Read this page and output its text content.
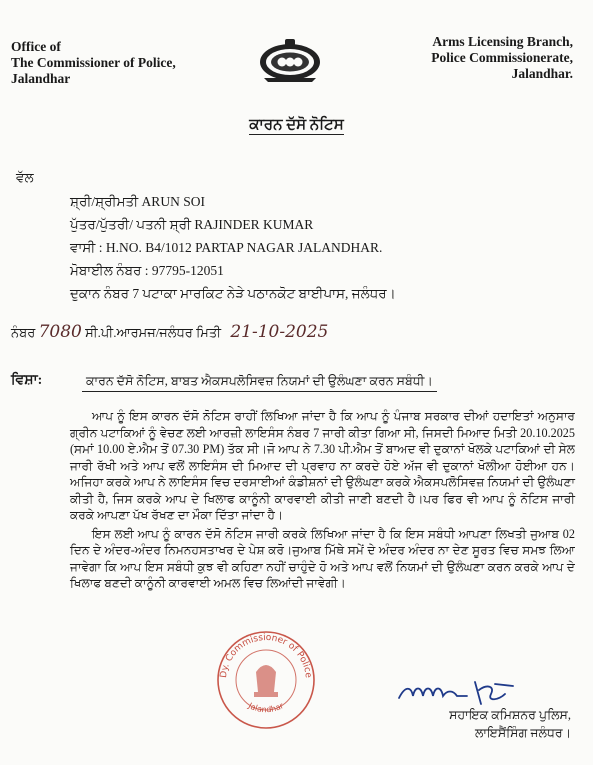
Office of
The Commissioner of Police,
Jalandhar
Arms Licensing Branch,
Police Commissionerate,
Jalandhar.
ਕਾਰਨ ਦੱਸੋ ਨੋਟਿਸ
ਵੱਲ
ਸ਼੍ਰੀ/ਸ਼੍ਰੀਮਤੀ ARUN SOI
ਪੁੱਤਰ/ਪੁੱਤਰੀ/ ਪਤਨੀ ਸ਼੍ਰੀ RAJINDER KUMAR
ਵਾਸੀ : H.NO. B4/1012 PARTAP NAGAR JALANDHAR.
ਮੋਬਾਈਲ ਨੰਬਰ : 97795-12051
ਦੁਕਾਨ ਨੰਬਰ 7 ਪਟਾਕਾ ਮਾਰਕਿਟ ਨੇੜੇ ਪਠਾਨਕੋਟ ਬਾਈਪਾਸ, ਜਲੰਧਰ।
ਨੰਬਰ 7080 ਸੀ.ਪੀ.ਆਰਮਜ/ਜਲੰਧਰ ਮਿਤੀ 21-10-2025
ਵਿਸ਼ਾ:	ਕਾਰਨ ਦੱਸੋ ਨੋਟਿਸ, ਬਾਬਤ ਐਕਸਪਲੋਸਿਵਜ਼ ਨਿਯਮਾਂ ਦੀ ਉਲੰਘਣਾ ਕਰਨ ਸਬੰਧੀ।

ਆਪ ਨੂੰ ਇਸ ਕਾਰਨ ਦੱਸੋ ਨੋਟਿਸ ਰਾਹੀਂ ਲਿਖਿਆ ਜਾਂਦਾ ਹੈ ਕਿ ਆਪ ਨੂੰ ਪੰਜਾਬ ਸਰਕਾਰ ਦੀਆਂ ਹਦਾਇਤਾਂ ਅਨੁਸਾਰ ਗ੍ਰੀਨ ਪਟਾਕਿਆਂ ਨੂੰ ਵੇਚਣ ਲਈ ਆਰਜ਼ੀ ਲਾਇਸੰਸ ਨੰਬਰ 7 ਜਾਰੀ ਕੀਤਾ ਗਿਆ ਸੀ, ਜਿਸਦੀ ਮਿਆਦ ਮਿਤੀ 20.10.2025 (ਸਮਾਂ 10.00 ਏ.ਐਮ ਤੋਂ 07.30 PM) ਤੱਕ ਸੀ।ਜੋ ਆਪ ਨੇ 7.30 ਪੀ.ਐਮ ਤੋਂ ਬਾਅਦ ਵੀ ਦੁਕਾਨਾਂ ਖੋਲਕੇ ਪਟਾਕਿਆਂ ਦੀ ਸੇਲ ਜਾਰੀ ਰੱਖੀ ਅਤੇ ਆਪ ਵਲੋਂ ਲਾਇਸੰਸ ਦੀ ਮਿਆਦ ਦੀ ਪ੍ਰਵਾਹ ਨਾ ਕਰਦੇ ਹੋਏ ਅੱਜ ਵੀ ਦੁਕਾਨਾਂ ਖੋਲੀਆ ਹੋਈਆ ਹਨ। ਅਜਿਹਾ ਕਰਕੇ ਆਪ ਨੇ ਲਾਇਸੰਸ ਵਿਚ ਦਰਸਾਈਆਂ ਕੰਡੀਸ਼ਨਾਂ ਦੀ ਉਲੰਘਣਾ ਕਰਕੇ ਐਕਸਪਲੋਸਿਵਜ਼ ਨਿਯਮਾਂ ਦੀ ਉਲੰਘਣਾ ਕੀਤੀ ਹੈ, ਜਿਸ ਕਰਕੇ ਆਪ ਦੇ ਖਿਲਾਫ ਕਾਨੂੰਨੀ ਕਾਰਵਾਈ ਕੀਤੀ ਜਾਣੀ ਬਣਦੀ ਹੈ।ਪਰ ਫਿਰ ਵੀ ਆਪ ਨੂੰ ਨੋਟਿਸ ਜਾਰੀ ਕਰਕੇ ਆਪਣਾ ਪੱਖ ਰੱਖਣ ਦਾ ਮੌਕਾ ਦਿੱਤਾ ਜਾਂਦਾ ਹੈ।

ਇਸ ਲਈ ਆਪ ਨੂੰ ਕਾਰਨ ਦੱਸੋ ਨੋਟਿਸ ਜਾਰੀ ਕਰਕੇ ਲਿਖਿਆ ਜਾਂਦਾ ਹੈ ਕਿ ਇਸ ਸਬੰਧੀ ਆਪਣਾ ਲਿਖਤੀ ਜੁਆਬ 02 ਦਿਨ ਦੇ ਅੰਦਰ-ਅੰਦਰ ਨਿਮਨਹਸਤਾਖਰ ਦੇ ਪੇਸ਼ ਕਰੋ।ਜੁਆਬ ਮਿੱਥੇ ਸਮੇਂ ਦੇ ਅੰਦਰ ਅੰਦਰ ਨਾ ਦੇਣ ਸੂਰਤ ਵਿਚ ਸਮਝ ਲਿਆ ਜਾਵੇਗਾ ਕਿ ਆਪ ਇਸ ਸਬੰਧੀ ਕੁਝ ਵੀ ਕਹਿਣਾ ਨਹੀਂ ਚਾਹੁੰਦੇ ਹੋ ਅਤੇ ਆਪ ਵਲੋਂ ਨਿਯਮਾਂ ਦੀ ਉਲੰਘਣਾ ਕਰਨ ਕਰਕੇ ਆਪ ਦੇ ਖਿਲਾਫ ਬਣਦੀ ਕਾਨੂੰਨੀ ਕਾਰਵਾਈ ਅਮਲ ਵਿਚ ਲਿਆਂਦੀ ਜਾਵੇਗੀ।

Dy. Commissioner of Police
Jalandhar
ਸਹਾਇਕ ਕਮਿਸ਼ਨਰ ਪੁਲਿਸ,
ਲਾਇਸੈਂਸਿੰਗ ਜਲੰਧਰ।
